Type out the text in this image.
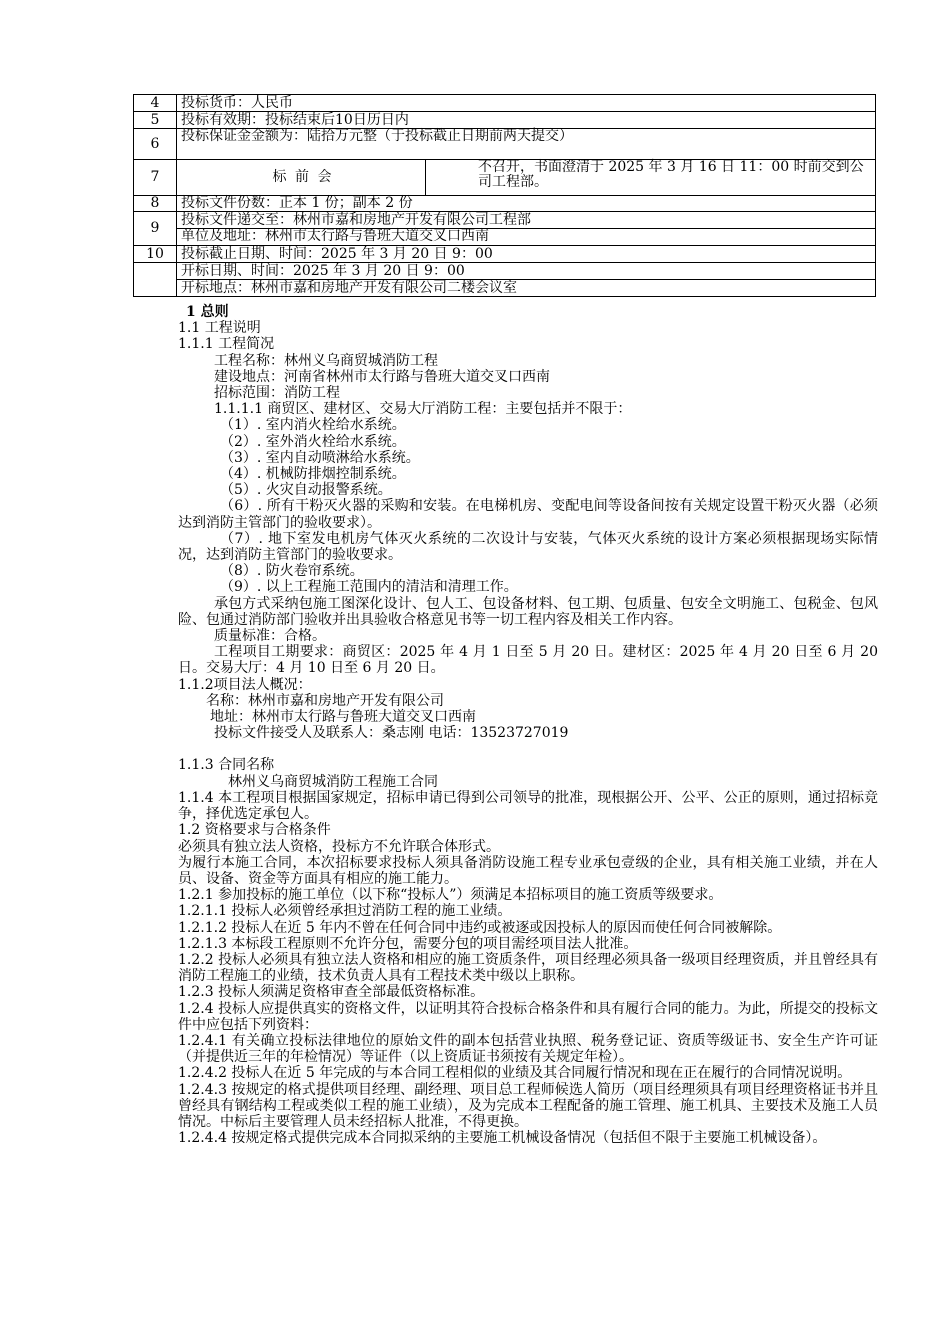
4	投标货币：人民币	
5	投标有效期：投标结束后10日历日内	
6	投标保证金金额为：陆拾万元整（于投标截止日期前两天提交）	
7	标 前 会	不召开，书面澄清于 2025 年 3 月 16 日 11：00 时前交到公司工程部。
8	投标文件份数：正本 1 份；副本 2 份	
9	投标文件递交至：林州市嘉和房地产开发有限公司工程部
单位及地址：林州市太行路与鲁班大道交叉口西南	

10	投标截止日期、时间：2025 年 3 月 20 日 9：00	
	开标日期、时间：2025 年 3 月 20 日 9：00	
	开标地点：林州市嘉和房地产开发有限公司二楼会议室	

1 总则

1.1 工程说明

1.1.1 工程简况

工程名称：林州义乌商贸城消防工程

建设地点：河南省林州市太行路与鲁班大道交叉口西南

招标范围：消防工程

1.1.1.1 商贸区、建材区、交易大厅消防工程：主要包括并不限于：

（1）. 室内消火栓给水系统。

（2）. 室外消火栓给水系统。

（3）. 室内自动喷淋给水系统。

（4）. 机械防排烟控制系统。

（5）. 火灾自动报警系统。

（6）. 所有干粉灭火器的采购和安装。在电梯机房、变配电间等设备间按有关规定设置干粉灭火器（必须达到消防主管部门的验收要求）。

（7）. 地下室发电机房气体灭火系统的二次设计与安装，气体灭火系统的设计方案必须根据现场实际情况，达到消防主管部门的验收要求。

（8）. 防火卷帘系统。

（9）. 以上工程施工范围内的清洁和清理工作。

承包方式采纳包施工图深化设计、包人工、包设备材料、包工期、包质量、包安全文明施工、包税金、包风险、包通过消防部门验收并出具验收合格意见书等一切工程内容及相关工作内容。

质量标准：合格。

工程项目工期要求：商贸区：2025 年 4 月 1 日至 5 月 20 日。建材区：2025 年 4 月 20 日至 6 月 20 日。交易大厅：4 月 10 日至 6 月 20 日。

1.1.2项目法人概况：

名称：林州市嘉和房地产开发有限公司

地址：林州市太行路与鲁班大道交叉口西南

投标文件接受人及联系人：桑志刚 电话：13523727019

1.1.3 合同名称

林州义乌商贸城消防工程施工合同

1.1.4 本工程项目根据国家规定，招标申请已得到公司领导的批准，现根据公开、公平、公正的原则，通过招标竞争，择优选定承包人。

1.2 资格要求与合格条件

必须具有独立法人资格，投标方不允许联合体形式。

为履行本施工合同，本次招标要求投标人须具备消防设施工程专业承包壹级的企业，具有相关施工业绩，并在人员、设备、资金等方面具有相应的施工能力。

1.2.1 参加投标的施工单位（以下称“投标人”）须满足本招标项目的施工资质等级要求。

1.2.1.1 投标人必须曾经承担过消防工程的施工业绩。

1.2.1.2 投标人在近 5 年内不曾在任何合同中违约或被逐或因投标人的原因而使任何合同被解除。

1.2.1.3 本标段工程原则不允许分包，需要分包的项目需经项目法人批准。

1.2.2 投标人必须具有独立法人资格和相应的施工资质条件，项目经理必须具备一级项目经理资质，并且曾经具有消防工程施工的业绩，技术负责人具有工程技术类中级以上职称。

1.2.3 投标人须满足资格审查全部最低资格标准。

1.2.4 投标人应提供真实的资格文件，以证明其符合投标合格条件和具有履行合同的能力。为此，所提交的投标文件中应包括下列资料：

1.2.4.1 有关确立投标法律地位的原始文件的副本包括营业执照、税务登记证、资质等级证书、安全生产许可证（并提供近三年的年检情况）等证件（以上资质证书须按有关规定年检）。

1.2.4.2 投标人在近 5 年完成的与本合同工程相似的业绩及其合同履行情况和现在正在履行的合同情况说明。

1.2.4.3 按规定的格式提供项目经理、副经理、项目总工程师候选人简历（项目经理须具有项目经理资格证书并且曾经具有钢结构工程或类似工程的施工业绩），及为完成本工程配备的施工管理、施工机具、主要技术及施工人员情况。中标后主要管理人员未经招标人批准，不得更换。

1.2.4.4 按规定格式提供完成本合同拟采纳的主要施工机械设备情况（包括但不限于主要施工机械设备）。
